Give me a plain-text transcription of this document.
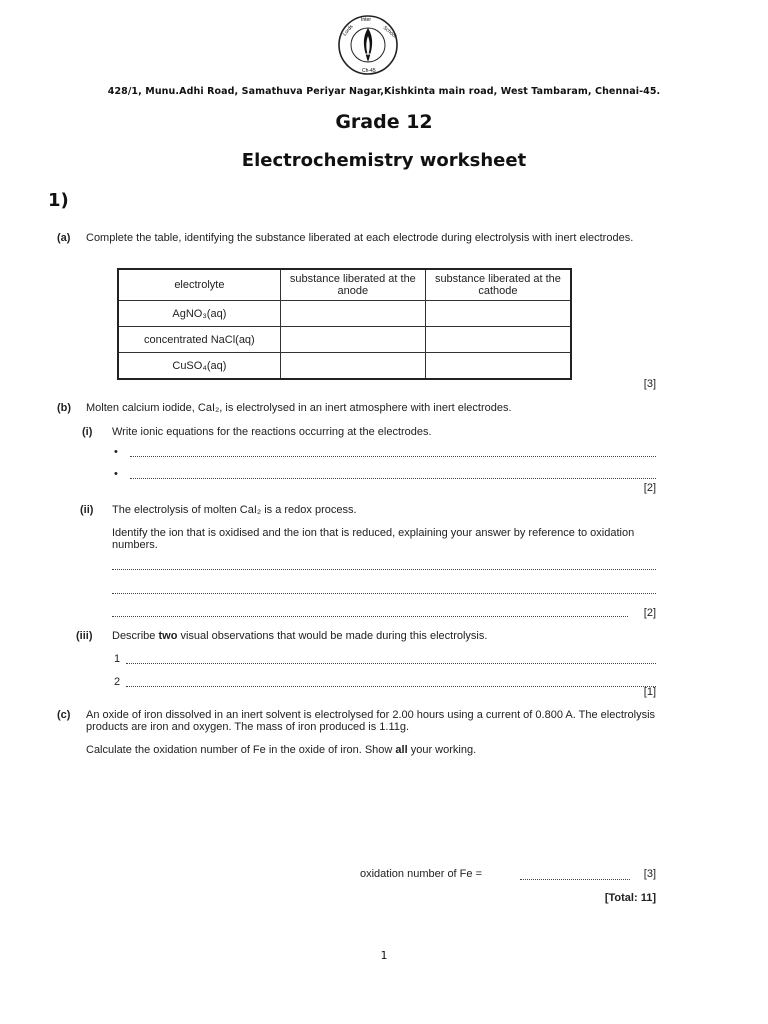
Lords
Inter
School
Ch-45
428/1, Munu.Adhi Road, Samathuva Periyar Nagar,Kishkinta main road, West Tambaram, Chennai-45.
Grade 12
Electrochemistry worksheet
1)
(a) Complete the table, identifying the substance liberated at each electrode during electrolysis with inert electrodes.
electrolyte	substance liberated at the anode	substance liberated at the cathode
AgNO₃(aq)		
concentrated NaCl(aq)		
CuSO₄(aq)		
[3]
(b) Molten calcium iodide, CaI₂, is electrolysed in an inert atmosphere with inert electrodes.
(i) Write ionic equations for the reactions occurring at the electrodes.
•
•
[2]
(ii) The electrolysis of molten CaI₂ is a redox process.
Identify the ion that is oxidised and the ion that is reduced, explaining your answer by reference to oxidation numbers.
[2]
(iii) Describe two visual observations that would be made during this electrolysis.
1
2
[1]
(c) An oxide of iron dissolved in an inert solvent is electrolysed for 2.00 hours using a current of 0.800 A. The electrolysis products are iron and oxygen. The mass of iron produced is 1.11g.
Calculate the oxidation number of Fe in the oxide of iron. Show all your working.
oxidation number of Fe =	[3]
[Total: 11]
1
